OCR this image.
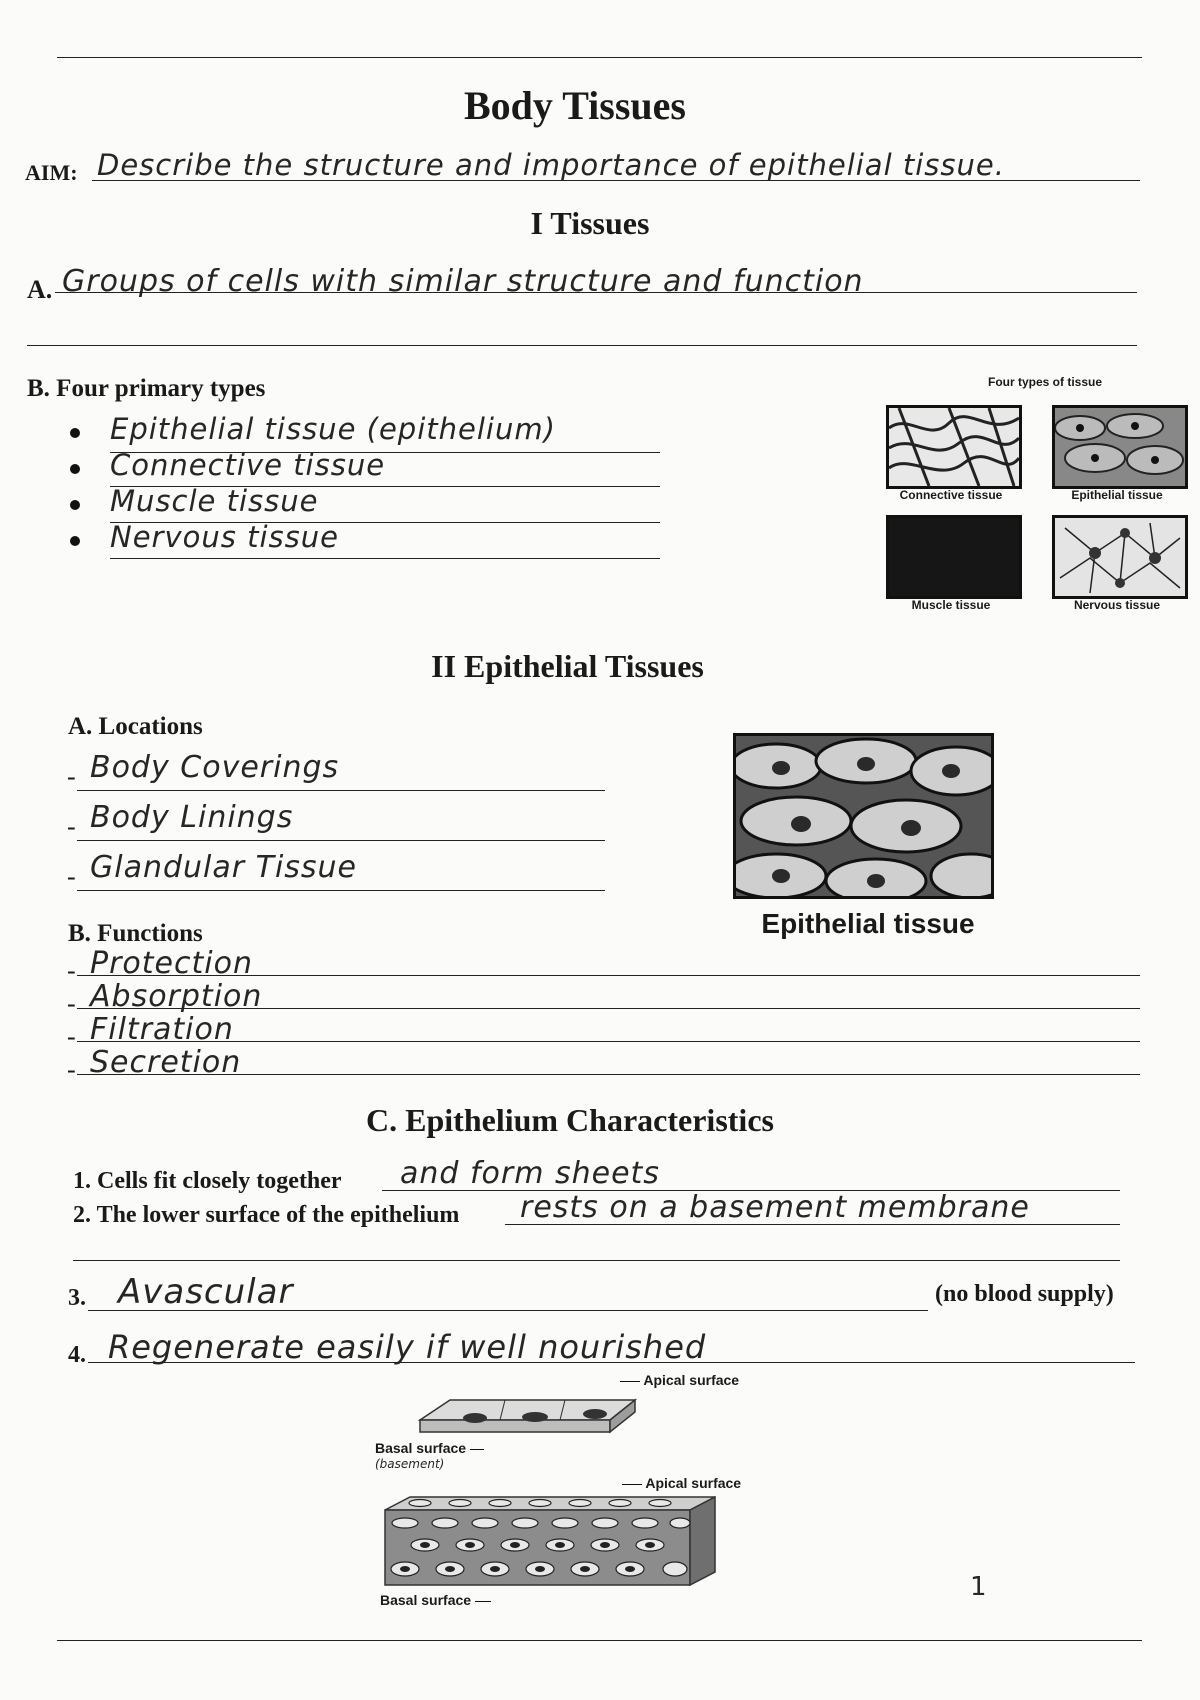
Body Tissues
AIM: Describe the structure and importance of epithelial tissue.
I Tissues
A. Groups of cells with similar structure and function
B. Four primary types
Epithelial tissue (epithelium)
Connective tissue
Muscle tissue
Nervous tissue
Four types of tissue
Connective tissue	Epithelial tissue
Muscle tissue	Nervous tissue
II Epithelial Tissues
A. Locations
- Body Coverings
- Body Linings
- Glandular Tissue
Epithelial tissue
B. Functions
- Protection
- Absorption
- Filtration
- Secretion
C. Epithelium Characteristics
1. Cells fit closely together and form sheets
2. The lower surface of the epithelium rests on a basement membrane
3. Avascular	(no blood supply)
4. Regenerate easily if well nourished
Apical surface
Basal surface
(basement)
Apical surface
Basal surface	1
